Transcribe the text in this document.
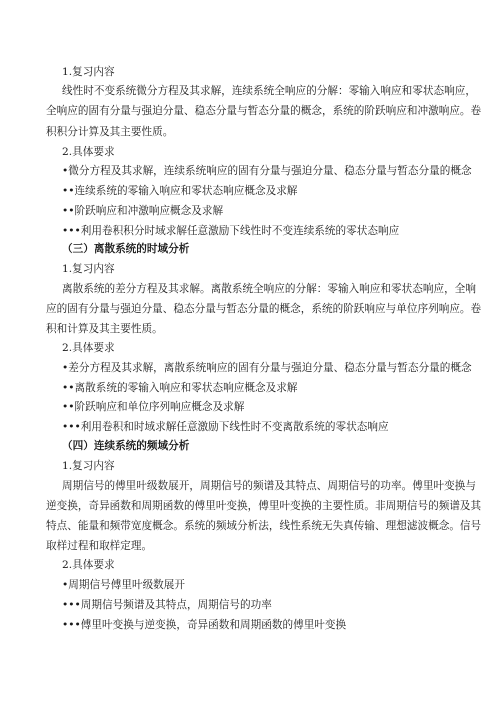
1.复习内容
线性时不变系统微分方程及其求解，连续系统全响应的分解：零输入响应和零状态响应，
全响应的固有分量与强迫分量、稳态分量与暂态分量的概念，系统的阶跃响应和冲激响应。卷
积积分计算及其主要性质。
2.具体要求
•微分方程及其求解，连续系统响应的固有分量与强迫分量、稳态分量与暂态分量的概念
••连续系统的零输入响应和零状态响应概念及求解
••阶跃响应和冲激响应概念及求解
•••利用卷积积分时域求解任意激励下线性时不变连续系统的零状态响应
（三）离散系统的时域分析
1.复习内容
离散系统的差分方程及其求解。离散系统全响应的分解：零输入响应和零状态响应，全响
应的固有分量与强迫分量、稳态分量与暂态分量的概念，系统的阶跃响应与单位序列响应。卷
积和计算及其主要性质。
2.具体要求
•差分方程及其求解，离散系统响应的固有分量与强迫分量、稳态分量与暂态分量的概念
••离散系统的零输入响应和零状态响应概念及求解
••阶跃响应和单位序列响应概念及求解
•••利用卷积和时域求解任意激励下线性时不变离散系统的零状态响应
（四）连续系统的频域分析
1.复习内容
周期信号的傅里叶级数展开，周期信号的频谱及其特点、周期信号的功率。傅里叶变换与
逆变换，奇异函数和周期函数的傅里叶变换，傅里叶变换的主要性质。非周期信号的频谱及其
特点、能量和频带宽度概念。系统的频域分析法，线性系统无失真传输、理想滤波概念。信号
取样过程和取样定理。
2.具体要求
•周期信号傅里叶级数展开
•••周期信号频谱及其特点，周期信号的功率
•••傅里叶变换与逆变换，奇异函数和周期函数的傅里叶变换
